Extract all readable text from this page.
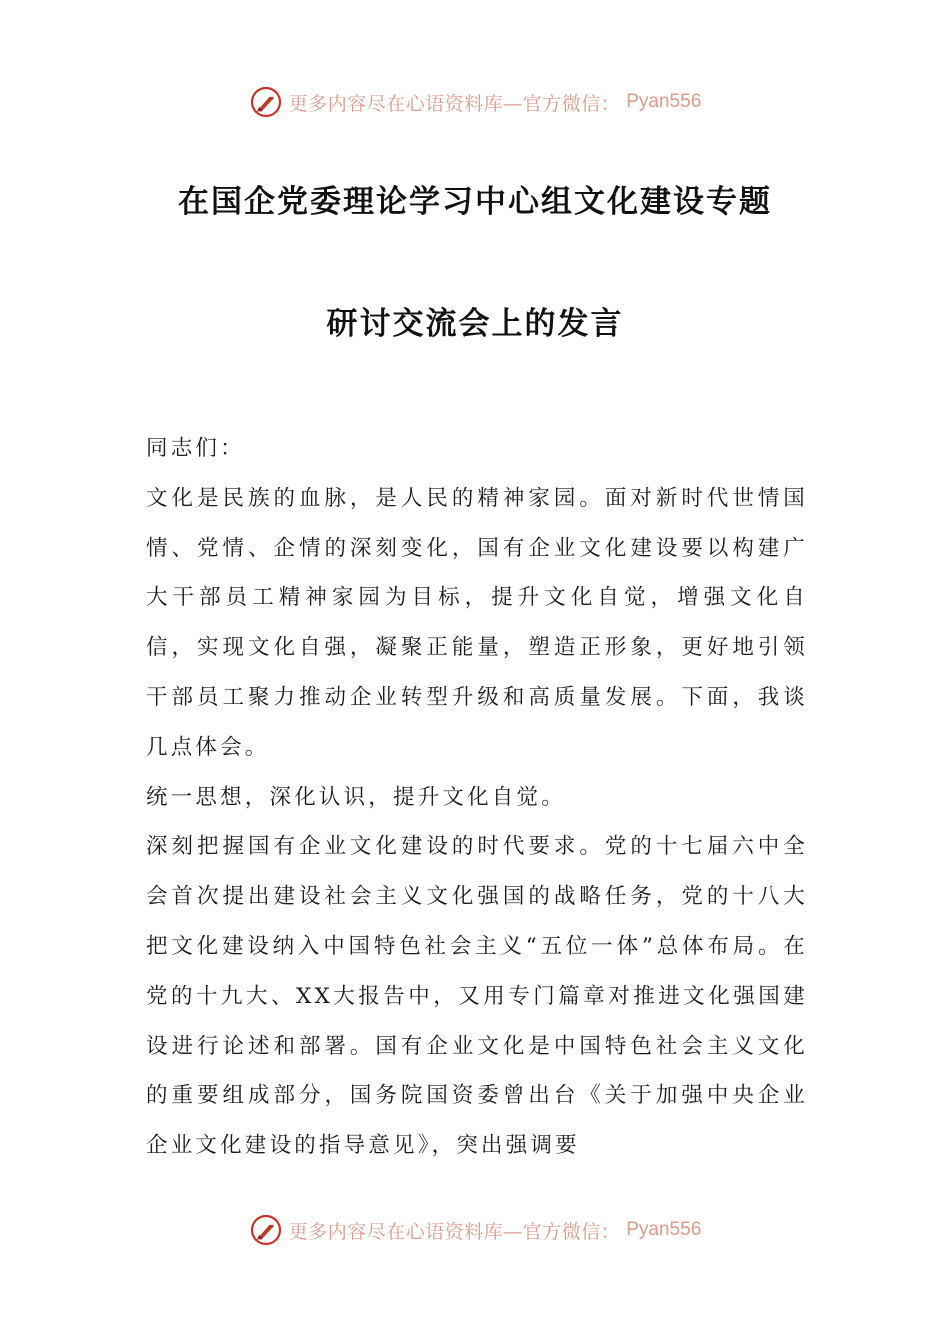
更多内容尽在心语资料库—官方微信： Pyan556
在国企党委理论学习中心组文化建设专题
研讨交流会上的发言

同志们：

文化是民族的血脉，是人民的精神家园。面对新时代世情国情、党情、企情的深刻变化，国有企业文化建设要以构建广大干部员工精神家园为目标，提升文化自觉，增强文化自信，实现文化自强，凝聚正能量，塑造正形象，更好地引领干部员工聚力推动企业转型升级和高质量发展。下面，我谈几点体会。

统一思想，深化认识，提升文化自觉。

深刻把握国有企业文化建设的时代要求。党的十七届六中全会首次提出建设社会主义文化强国的战略任务，党的十八大把文化建设纳入中国特色社会主义“五位一体”总体布局。在党的十九大、XX大报告中，又用专门篇章对推进文化强国建设进行论述和部署。国有企业文化是中国特色社会主义文化的重要组成部分，国务院国资委曾出台《关于加强中央企业企业文化建设的指导意见》，突出强调要

更多内容尽在心语资料库—官方微信： Pyan556
